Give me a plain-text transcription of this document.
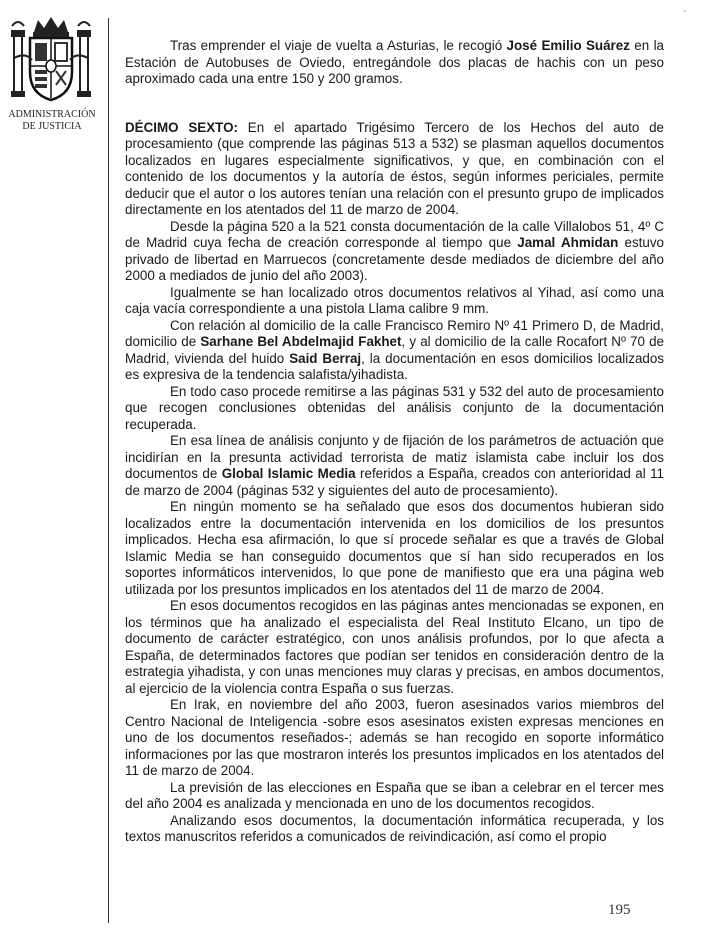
-
ADMINISTRACIÓN
DE JUSTICIA

Tras emprender el viaje de vuelta a Asturias, le recogió José Emilio Suárez en la Estación de Autobuses de Oviedo, entregándole dos placas de hachis con un peso aproximado cada una entre 150 y 200 gramos.

DÉCIMO SEXTO: En el apartado Trigésimo Tercero de los Hechos del auto de procesamiento (que comprende las páginas 513 a 532) se plasman aquellos documentos localizados en lugares especialmente significativos, y que, en combinación con el contenido de los documentos y la autoría de éstos, según informes periciales, permite deducir que el autor o los autores tenían una relación con el presunto grupo de implicados directamente en los atentados del 11 de marzo de 2004.

Desde la página 520 a la 521 consta documentación de la calle Villalobos 51, 4º C de Madrid cuya fecha de creación corresponde al tiempo que Jamal Ahmidan estuvo privado de libertad en Marruecos (concretamente desde mediados de diciembre del año 2000 a mediados de junio del año 2003).

Igualmente se han localizado otros documentos relativos al Yihad, así como una caja vacía correspondiente a una pistola Llama calibre 9 mm.

Con relación al domicilio de la calle Francisco Remiro Nº 41 Primero D, de Madrid, domicilio de Sarhane Bel Abdelmajid Fakhet, y al domicilio de la calle Rocafort Nº 70 de Madrid, vivienda del huido Said Berraj, la documentación en esos domicilios localizados es expresiva de la tendencia salafista/yihadista.

En todo caso procede remitirse a las páginas 531 y 532 del auto de procesamiento que recogen conclusiones obtenidas del análisis conjunto de la documentación recuperada.

En esa línea de análisis conjunto y de fijación de los parámetros de actuación que incidirían en la presunta actividad terrorista de matiz islamista cabe incluir los dos documentos de Global Islamic Media referidos a España, creados con anterioridad al 11 de marzo de 2004 (páginas 532 y siguientes del auto de procesamiento).

En ningún momento se ha señalado que esos dos documentos hubieran sido localizados entre la documentación intervenida en los domicilios de los presuntos implicados. Hecha esa afirmación, lo que sí procede señalar es que a través de Global Islamic Media se han conseguido documentos que sí han sido recuperados en los soportes informáticos intervenidos, lo que pone de manifiesto que era una página web utilizada por los presuntos implicados en los atentados del 11 de marzo de 2004.

En esos documentos recogidos en las páginas antes mencionadas se exponen, en los términos que ha analizado el especialista del Real Instituto Elcano, un tipo de documento de carácter estratégico, con unos análisis profundos, por lo que afecta a España, de determinados factores que podían ser tenidos en consideración dentro de la estrategia yihadista, y con unas menciones muy claras y precisas, en ambos documentos, al ejercicio de la violencia contra España o sus fuerzas.

En Irak, en noviembre del año 2003, fueron asesinados varios miembros del Centro Nacional de Inteligencia -sobre esos asesinatos existen expresas menciones en uno de los documentos reseñados-; además se han recogido en soporte informático informaciones por las que mostraron interés los presuntos implicados en los atentados del 11 de marzo de 2004.

La previsión de las elecciones en España que se iban a celebrar en el tercer mes del año 2004 es analizada y mencionada en uno de los documentos recogidos.

Analizando esos documentos, la documentación informática recuperada, y los textos manuscritos referidos a comunicados de reivindicación, así como el propio

195
